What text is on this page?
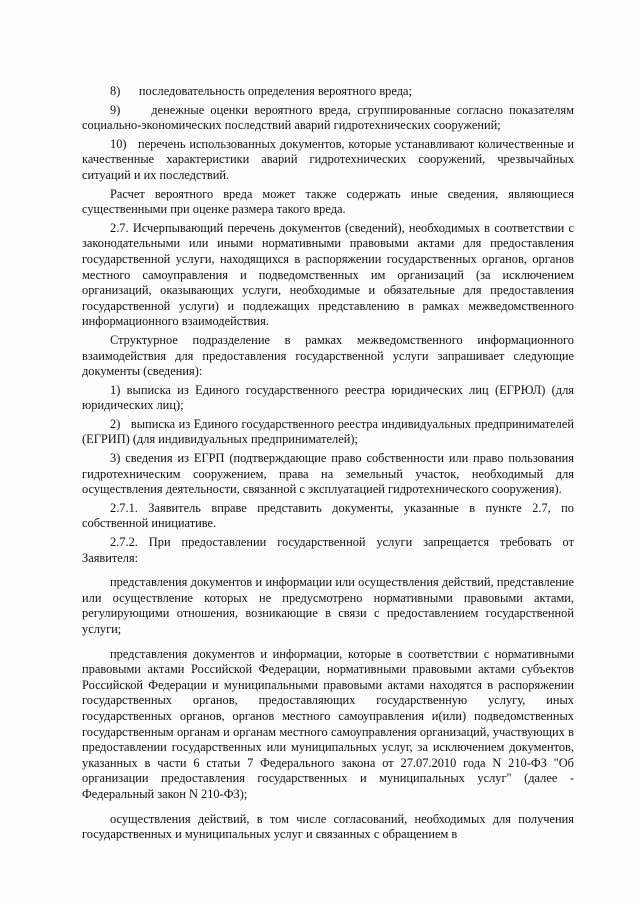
8)      последовательность определения вероятного вреда;

9)     денежные оценки вероятного вреда, сгруппированные согласно показателям социально-экономических последствий аварий гидротехнических сооружений;

10)   перечень использованных документов, которые устанавливают количественные и качественные характеристики аварий гидротехнических сооружений, чрезвычайных ситуаций и их последствий.

Расчет вероятного вреда может также содержать иные сведения, являющиеся существенными при оценке размера такого вреда.

2.7. Исчерпывающий перечень документов (сведений), необходимых в соответствии с законодательными или иными нормативными правовыми актами для предоставления государственной услуги, находящихся в распоряжении государственных органов, органов местного самоуправления и подведомственных им организаций (за исключением организаций, оказывающих услуги, необходимые и обязательные для предоставления государственной услуги) и подлежащих представлению в рамках межведомственного информационного взаимодействия.

Структурное подразделение в рамках межведомственного информационного взаимодействия для предоставления государственной услуги запрашивает следующие документы (сведения):

1) выписка из Единого государственного реестра юридических лиц (ЕГРЮЛ) (для юридических лиц);

2)   выписка из Единого государственного реестра индивидуальных предпринимателей (ЕГРИП) (для индивидуальных предпринимателей);

3) сведения из ЕГРП (подтверждающие право собственности или право пользования гидротехническим сооружением, права на земельный участок, необходимый для осуществления деятельности, связанной с эксплуатацией гидротехнического сооружения).

2.7.1. Заявитель вправе представить документы, указанные в пункте 2.7, по собственной инициативе.

2.7.2. При предоставлении государственной услуги запрещается требовать от Заявителя:

представления документов и информации или осуществления действий, представление или осуществление которых не предусмотрено нормативными правовыми актами, регулирующими отношения, возникающие в связи с предоставлением государственной услуги;

представления документов и информации, которые в соответствии с нормативными правовыми актами Российской Федерации, нормативными правовыми актами субъектов Российской Федерации и муниципальными правовыми актами находятся в распоряжении государственных органов, предоставляющих государственную услугу, иных государственных органов, органов местного самоуправления и(или) подведомственных государственным органам и органам местного самоуправления организаций, участвующих в предоставлении государственных или муниципальных услуг, за исключением документов, указанных в части 6 статьи 7 Федерального закона от 27.07.2010 года N 210-ФЗ "Об организации предоставления государственных и муниципальных услуг" (далее - Федеральный закон N 210-ФЗ);

осуществления действий, в том числе согласований, необходимых для получения государственных и муниципальных услуг и связанных с обращением в
